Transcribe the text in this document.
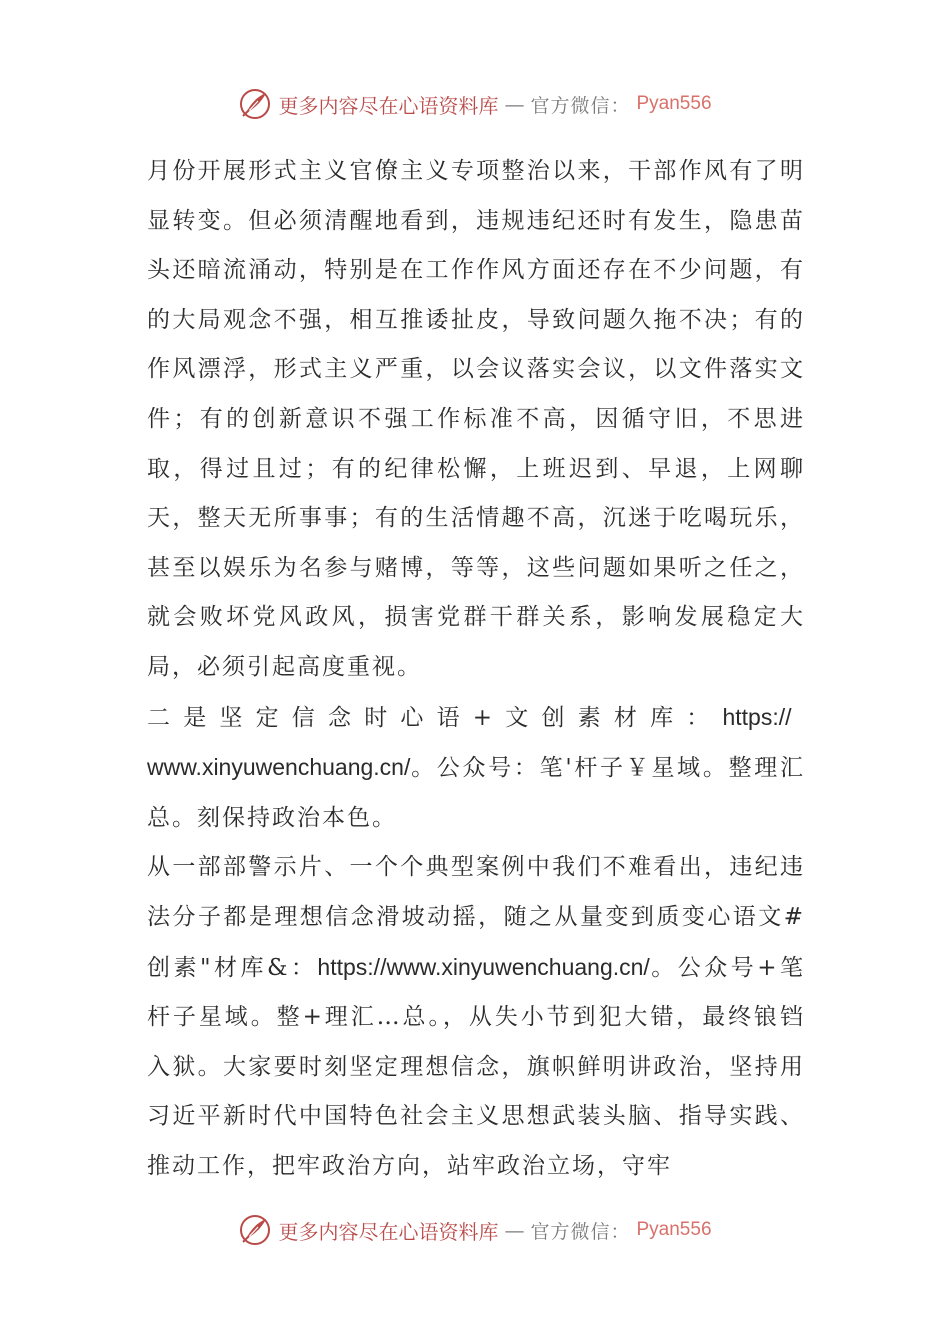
更多内容尽在心语资料库 — 官方微信： Pyan556

月份开展形式主义官僚主义专项整治以来，干部作风有了明显转变。但必须清醒地看到，违规违纪还时有发生，隐患苗头还暗流涌动，特别是在工作作风方面还存在不少问题，有的大局观念不强，相互推诿扯皮，导致问题久拖不决；有的作风漂浮，形式主义严重，以会议落实会议，以文件落实文件；有的创新意识不强工作标准不高，因循守旧，不思进取，得过且过；有的纪律松懈，上班迟到、早退，上网聊天，整天无所事事；有的生活情趣不高，沉迷于吃喝玩乐，甚至以娱乐为名参与赌博，等等，这些问题如果听之任之，就会败坏党风政风，损害党群干群关系，影响发展稳定大局，必须引起高度重视。

二是坚定信念时心语+文创素材库：https://
www.xinyuwenchuang.cn/。公众号：笔'杆子￥星域。整理汇总。刻保持政治本色。

从一部部警示片、一个个典型案例中我们不难看出，违纪违法分子都是理想信念滑坡动摇，随之从量变到质变心语文#创素"材库&：https://www.xinyuwenchuang.cn/。公众号+笔杆子星域。整+理汇…总。，从失小节到犯大错，最终锒铛入狱。大家要时刻坚定理想信念，旗帜鲜明讲政治，坚持用习近平新时代中国特色社会主义思想武装头脑、指导实践、推动工作，把牢政治方向，站牢政治立场，守牢

更多内容尽在心语资料库 — 官方微信： Pyan556
